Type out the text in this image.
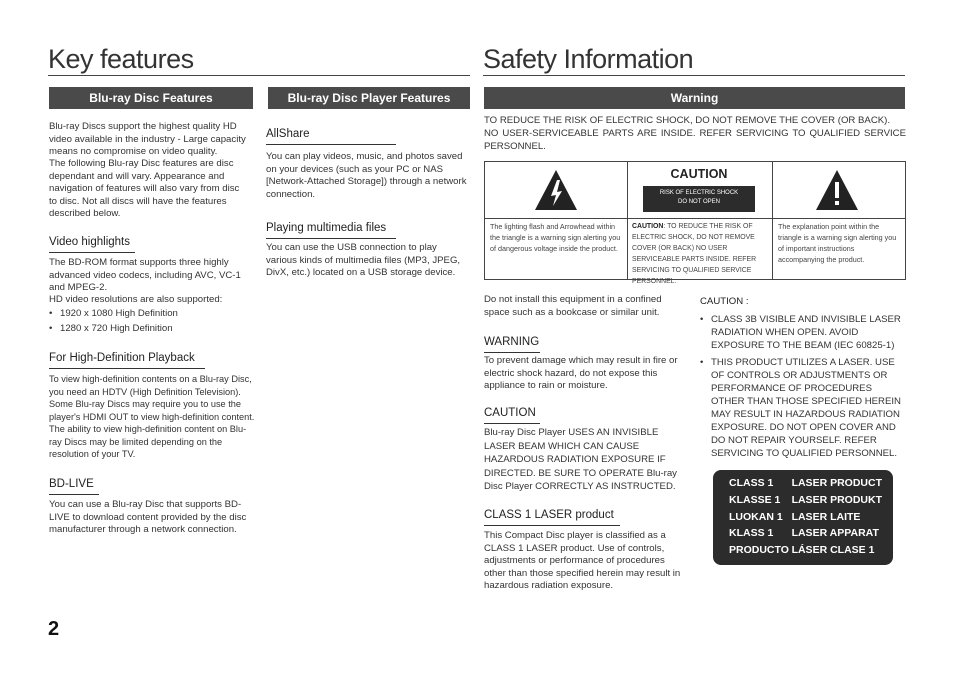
Key features
Blu-ray Disc Features
Blu-ray Discs support the highest quality HD video available in the industry - Large capacity means no compromise on video quality.
The following Blu-ray Disc features are disc dependant and will vary. Appearance and navigation of features will also vary from disc to disc. Not all discs will have the features described below.
Video highlights
The BD-ROM format supports three highly advanced video codecs, including AVC, VC-1 and MPEG-2.
HD video resolutions are also supported:
• 1920 x 1080 High Definition
• 1280 x 720 High Definition
For High-Definition Playback
To view high-definition contents on a Blu-ray Disc, you need an HDTV (High Definition Television). Some Blu-ray Discs may require you to use the player's HDMI OUT to view high-definition content. The ability to view high-definition content on Blu-ray Discs may be limited depending on the resolution of your TV.
BD-LIVE
You can use a Blu-ray Disc that supports BD-LIVE to download content provided by the disc manufacturer through a network connection.
Blu-ray Disc Player Features
AllShare
You can play videos, music, and photos saved on your devices (such as your PC or NAS [Network-Attached Storage]) through a network connection.
Playing multimedia files
You can use the USB connection to play various kinds of multimedia files (MP3, JPEG, DivX, etc.) located on a USB storage device.
Safety Information
Warning
TO REDUCE THE RISK OF ELECTRIC SHOCK, DO NOT REMOVE THE COVER (OR BACK).
NO USER-SERVICEABLE PARTS ARE INSIDE. REFER SERVICING TO QUALIFIED SERVICE PERSONNEL.
CAUTION
RISK OF ELECTRIC SHOCK
DO NOT OPEN
The lighting flash and Arrowhead within the triangle is a warning sign alerting you of dangerous voltage inside the product.
CAUTION: TO REDUCE THE RISK OF ELECTRIC SHOCK, DO NOT REMOVE COVER (OR BACK) NO USER SERVICEABLE PARTS INSIDE. REFER SERVICING TO QUALIFIED SERVICE PERSONNEL.
The explanation point within the triangle is a warning sign alerting you of important instructions accompanying the product.
Do not install this equipment in a confined space such as a bookcase or similar unit.
WARNING
To prevent damage which may result in fire or electric shock hazard, do not expose this appliance to rain or moisture.
CAUTION
Blu-ray Disc Player USES AN INVISIBLE LASER BEAM WHICH CAN CAUSE HAZARDOUS RADIATION EXPOSURE IF DIRECTED. BE SURE TO OPERATE Blu-ray Disc Player CORRECTLY AS INSTRUCTED.
CLASS 1 LASER product
This Compact Disc player is classified as a CLASS 1 LASER product. Use of controls, adjustments or performance of procedures other than those specified herein may result in hazardous radiation exposure.
CAUTION :
• CLASS 3B VISIBLE AND INVISIBLE LASER RADIATION WHEN OPEN. AVOID EXPOSURE TO THE BEAM (IEC 60825-1)
• THIS PRODUCT UTILIZES A LASER. USE OF CONTROLS OR ADJUSTMENTS OR PERFORMANCE OF PROCEDURES OTHER THAN THOSE SPECIFIED HEREIN MAY RESULT IN HAZARDOUS RADIATION EXPOSURE. DO NOT OPEN COVER AND DO NOT REPAIR YOURSELF. REFER SERVICING TO QUALIFIED PERSONNEL.
CLASS 1	LASER PRODUCT
KLASSE 1	LASER PRODUKT
LUOKAN 1	LASER LAITE
KLASS 1	LASER APPARAT
PRODUCTO	LÁSER CLASE 1
2
